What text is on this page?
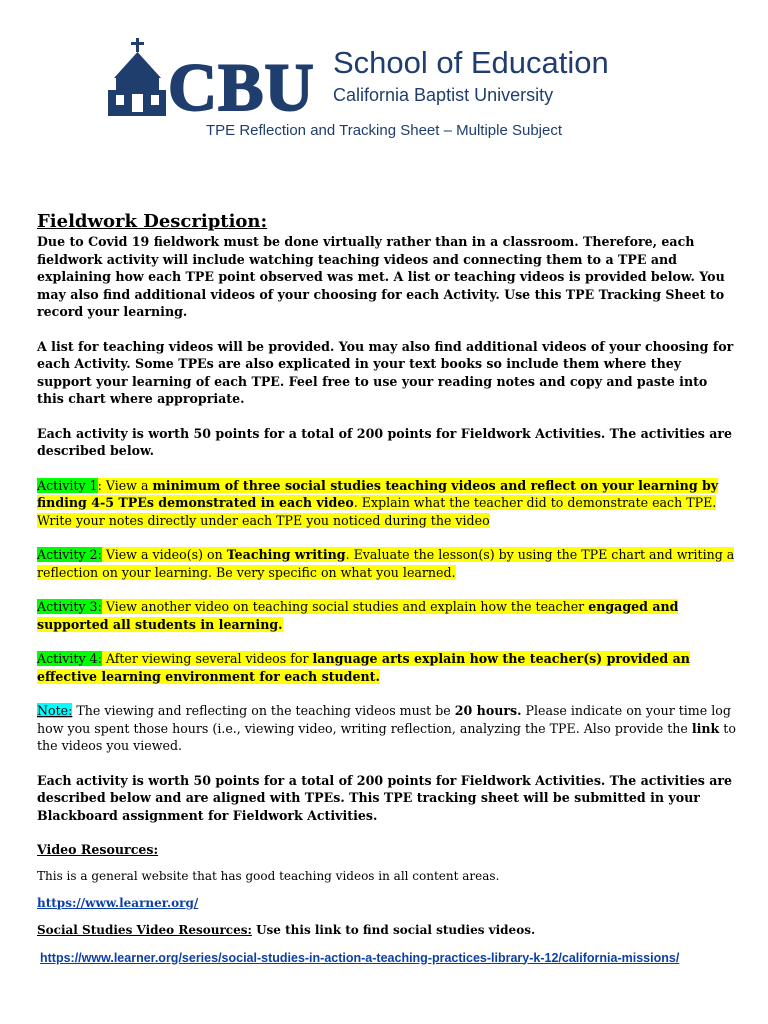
CBU School of Education
California Baptist University
TPE Reflection and Tracking Sheet – Multiple Subject
Fieldwork Description:

Due to Covid 19 fieldwork must be done virtually rather than in a classroom. Therefore, each fieldwork activity will include watching teaching videos and connecting them to a TPE and explaining how each TPE point observed was met. A list or teaching videos is provided below. You may also find additional videos of your choosing for each Activity. Use this TPE Tracking Sheet to record your learning.

A list for teaching videos will be provided. You may also find additional videos of your choosing for each Activity. Some TPEs are also explicated in your text books so include them where they support your learning of each TPE. Feel free to use your reading notes and copy and paste into this chart where appropriate.

Each activity is worth 50 points for a total of 200 points for Fieldwork Activities. The activities are described below.

Activity 1: View a minimum of three social studies teaching videos and reflect on your learning by finding 4-5 TPEs demonstrated in each video. Explain what the teacher did to demonstrate each TPE. Write your notes directly under each TPE you noticed during the video

Activity 2: View a video(s) on Teaching writing. Evaluate the lesson(s) by using the TPE chart and writing a reflection on your learning. Be very specific on what you learned.

Activity 3: View another video on teaching social studies and explain how the teacher engaged and supported all students in learning.

Activity 4: After viewing several videos for language arts explain how the teacher(s) provided an effective learning environment for each student.

Note: The viewing and reflecting on the teaching videos must be 20 hours. Please indicate on your time log how you spent those hours (i.e., viewing video, writing reflection, analyzing the TPE. Also provide the link to the videos you viewed.

Each activity is worth 50 points for a total of 200 points for Fieldwork Activities. The activities are described below and are aligned with TPEs. This TPE tracking sheet will be submitted in your Blackboard assignment for Fieldwork Activities.

Video Resources:

This is a general website that has good teaching videos in all content areas.

https://www.learner.org/

Social Studies Video Resources: Use this link to find social studies videos.

https://www.learner.org/series/social-studies-in-action-a-teaching-practices-library-k-12/california-missions/
